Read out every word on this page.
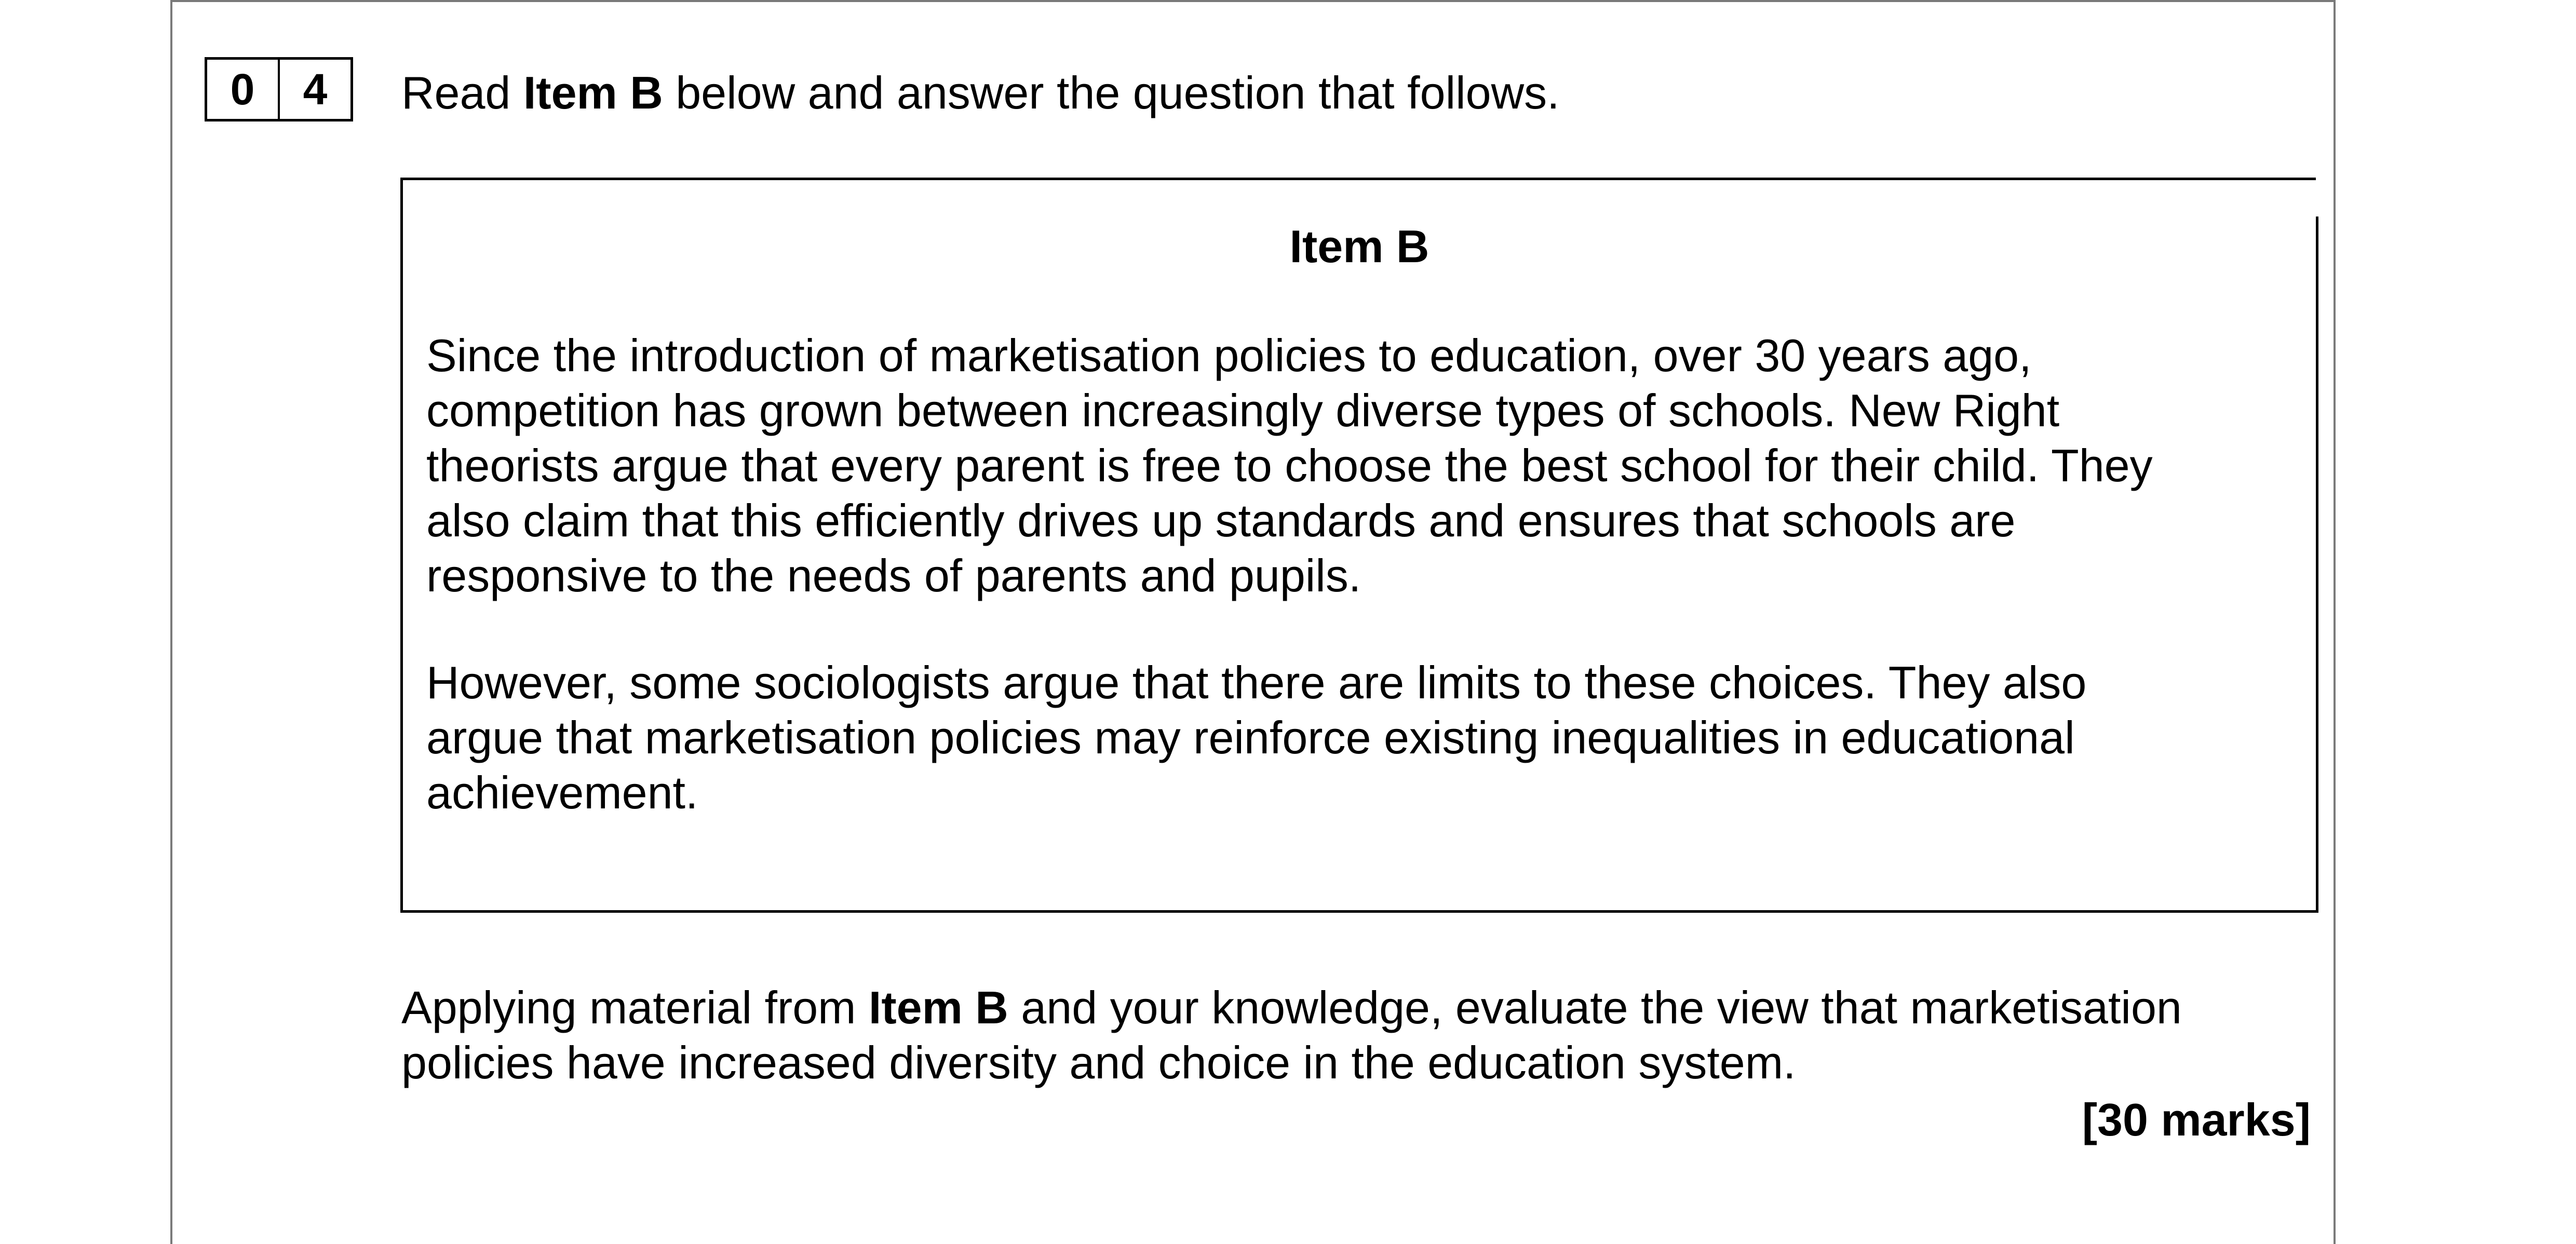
0	4	Read Item B below and answer the question that follows.
Item B

Since the introduction of marketisation policies to education, over 30 years ago,
competition has grown between increasingly diverse types of schools. New Right
theorists argue that every parent is free to choose the best school for their child. They
also claim that this efficiently drives up standards and ensures that schools are
responsive to the needs of parents and pupils.

However, some sociologists argue that there are limits to these choices. They also
argue that marketisation policies may reinforce existing inequalities in educational
achievement.

Applying material from Item B and your knowledge, evaluate the view that marketisation
policies have increased diversity and choice in the education system.
[30 marks]
